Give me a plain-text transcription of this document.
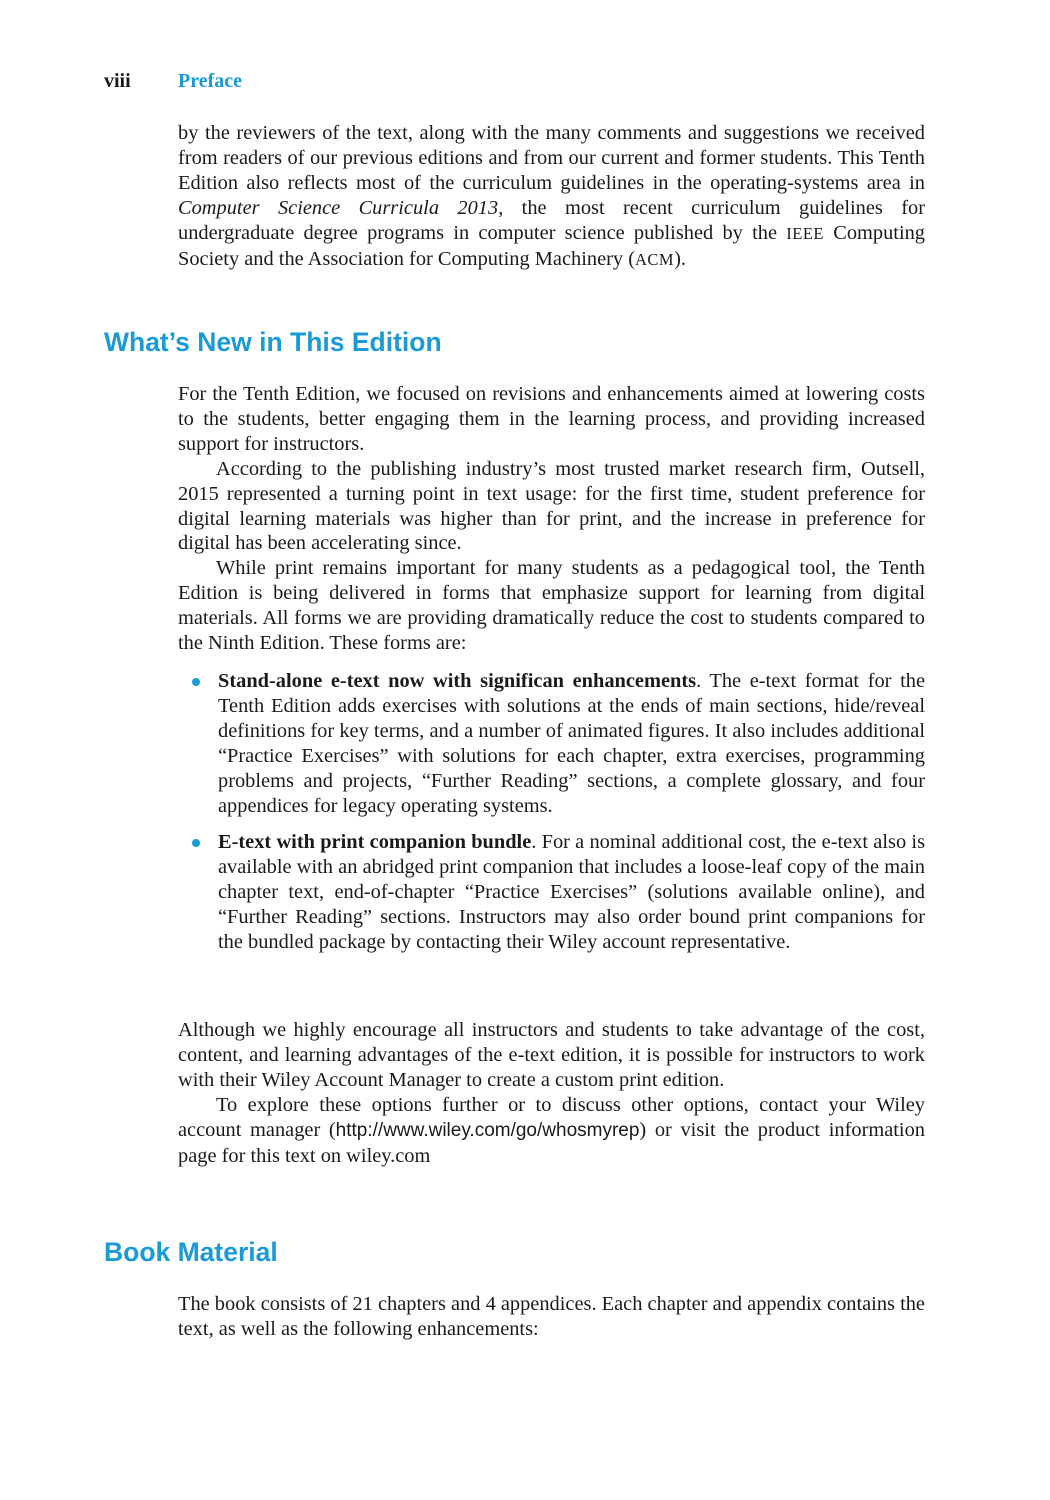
viii Preface

by the reviewers of the text, along with the many comments and suggestions we received from readers of our previous editions and from our current and former students. This Tenth Edition also reflects most of the curriculum guidelines in the operating-systems area in Computer Science Curricula 2013, the most recent curriculum guidelines for undergraduate degree programs in computer science published by the IEEE Computing Society and the Association for Computing Machinery (ACM).

What’s New in This Edition

For the Tenth Edition, we focused on revisions and enhancements aimed at lowering costs to the students, better engaging them in the learning process, and providing increased support for instructors.

According to the publishing industry’s most trusted market research firm, Outsell, 2015 represented a turning point in text usage: for the first time, student preference for digital learning materials was higher than for print, and the increase in preference for digital has been accelerating since.

While print remains important for many students as a pedagogical tool, the Tenth Edition is being delivered in forms that emphasize support for learning from digital materials. All forms we are providing dramatically reduce the cost to students compared to the Ninth Edition. These forms are:

Stand-alone e-text now with significan enhancements. The e-text format for the Tenth Edition adds exercises with solutions at the ends of main sections, hide/reveal definitions for key terms, and a number of animated figures. It also includes additional “Practice Exercises” with solutions for each chapter, extra exercises, programming problems and projects, “Further Reading” sections, a complete glossary, and four appendices for legacy operating systems.
E-text with print companion bundle. For a nominal additional cost, the e-text also is available with an abridged print companion that includes a loose-leaf copy of the main chapter text, end-of-chapter “Practice Exercises” (solutions available online), and “Further Reading” sections. Instructors may also order bound print companions for the bundled package by contacting their Wiley account representative.

Although we highly encourage all instructors and students to take advantage of the cost, content, and learning advantages of the e-text edition, it is possible for instructors to work with their Wiley Account Manager to create a custom print edition.

To explore these options further or to discuss other options, contact your Wiley account manager (http://www.wiley.com/go/whosmyrep) or visit the product information page for this text on wiley.com

Book Material

The book consists of 21 chapters and 4 appendices. Each chapter and appendix contains the text, as well as the following enhancements:
